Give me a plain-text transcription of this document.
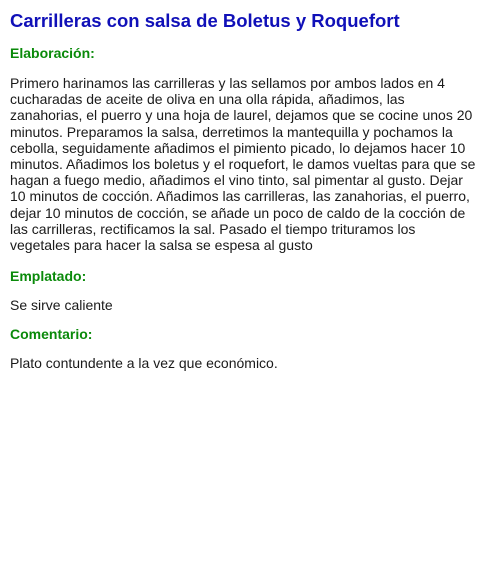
Carrilleras con salsa de Boletus y Roquefort
Elaboración:

Primero harinamos las carrilleras y las sellamos por ambos lados en 4 cucharadas de aceite de oliva en una olla rápida, añadimos, las zanahorias, el puerro y una hoja de laurel, dejamos que se cocine unos 20 minutos. Preparamos la salsa, derretimos la mantequilla y pochamos la cebolla, seguidamente añadimos el pimiento picado, lo dejamos hacer 10 minutos. Añadimos los boletus y el roquefort, le damos vueltas para que se hagan a fuego medio, añadimos el vino tinto, sal pimentar al gusto. Dejar 10 minutos de cocción. Añadimos las carrilleras, las zanahorias, el puerro, dejar 10 minutos de cocción, se añade un poco de caldo de la cocción de las carrilleras, rectificamos la sal. Pasado el tiempo trituramos los vegetales para hacer la salsa se espesa al gusto

Emplatado:

Se sirve caliente

Comentario:

Plato contundente a la vez que económico.
